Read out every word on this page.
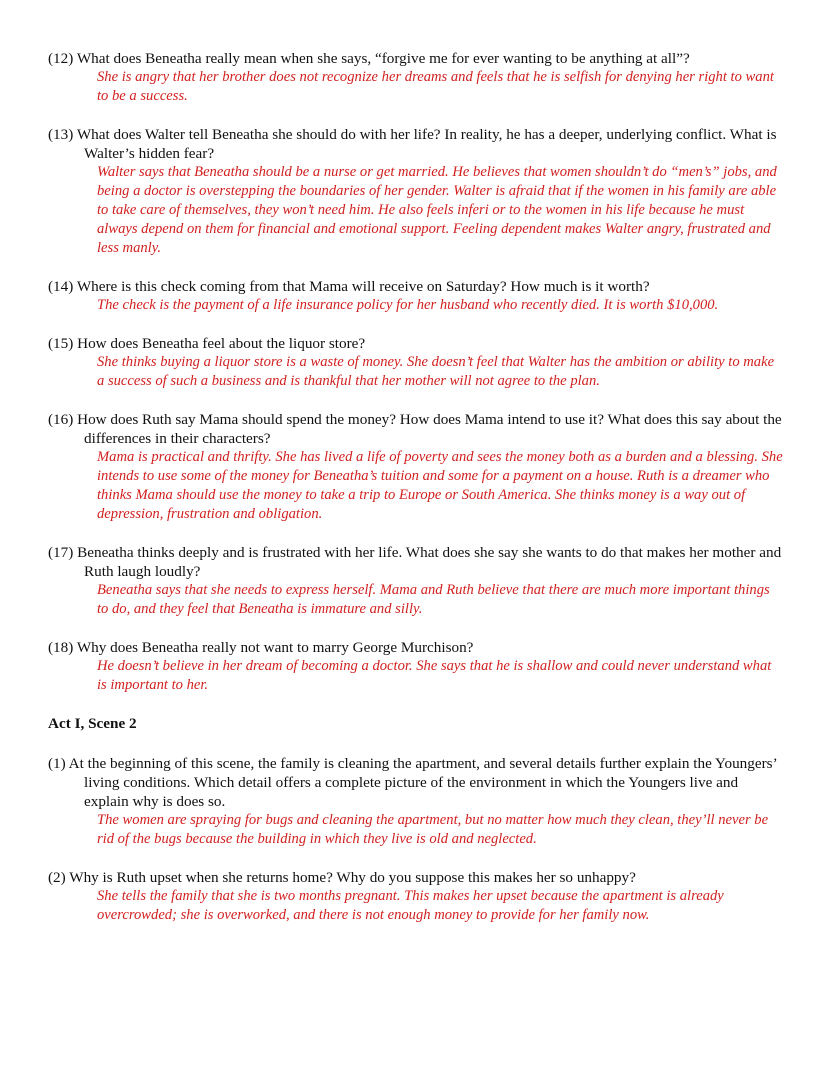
(12) What does Beneatha really mean when she says, “forgive me for ever wanting to be anything at all”?

She is angry that her brother does not recognize her dreams and feels that he is selfish for denying her right to want to be a success.

(13) What does Walter tell Beneatha she should do with her life? In reality, he has a deeper, underlying conflict. What is Walter’s hidden fear?

Walter says that Beneatha should be a nurse or get married. He believes that women shouldn’t do “men’s” jobs, and being a doctor is overstepping the boundaries of her gender. Walter is afraid that if the women in his family are able to take care of themselves, they won’t need him. He also feels inferi or to the women in his life because he must always depend on them for financial and emotional support. Feeling dependent makes Walter angry, frustrated and less manly.

(14) Where is this check coming from that Mama will receive on Saturday? How much is it worth?

The check is the payment of a life insurance policy for her husband who recently died. It is worth $10,000.

(15) How does Beneatha feel about the liquor store?

She thinks buying a liquor store is a waste of money. She doesn’t feel that Walter has the ambition or ability to make a success of such a business and is thankful that her mother will not agree to the plan.

(16) How does Ruth say Mama should spend the money? How does Mama intend to use it? What does this say about the differences in their characters?

Mama is practical and thrifty. She has lived a life of poverty and sees the money both as a burden and a blessing. She intends to use some of the money for Beneatha’s tuition and some for a payment on a house. Ruth is a dreamer who thinks Mama should use the money to take a trip to Europe or South America. She thinks money is a way out of depression, frustration and obligation.

(17) Beneatha thinks deeply and is frustrated with her life. What does she say she wants to do that makes her mother and Ruth laugh loudly?

Beneatha says that she needs to express herself. Mama and Ruth believe that there are much more important things to do, and they feel that Beneatha is immature and silly.

(18) Why does Beneatha really not want to marry George Murchison?

He doesn’t believe in her dream of becoming a doctor. She says that he is shallow and could never understand what is important to her.

Act I, Scene 2

(1) At the beginning of this scene, the family is cleaning the apartment, and several details further explain the Youngers’ living conditions. Which detail offers a complete picture of the environment in which the Youngers live and explain why is does so.

The women are spraying for bugs and cleaning the apartment, but no matter how much they clean, they’ll never be rid of the bugs because the building in which they live is old and neglected.

(2) Why is Ruth upset when she returns home? Why do you suppose this makes her so unhappy?

She tells the family that she is two months pregnant. This makes her upset because the apartment is already overcrowded; she is overworked, and there is not enough money to provide for her family now.
